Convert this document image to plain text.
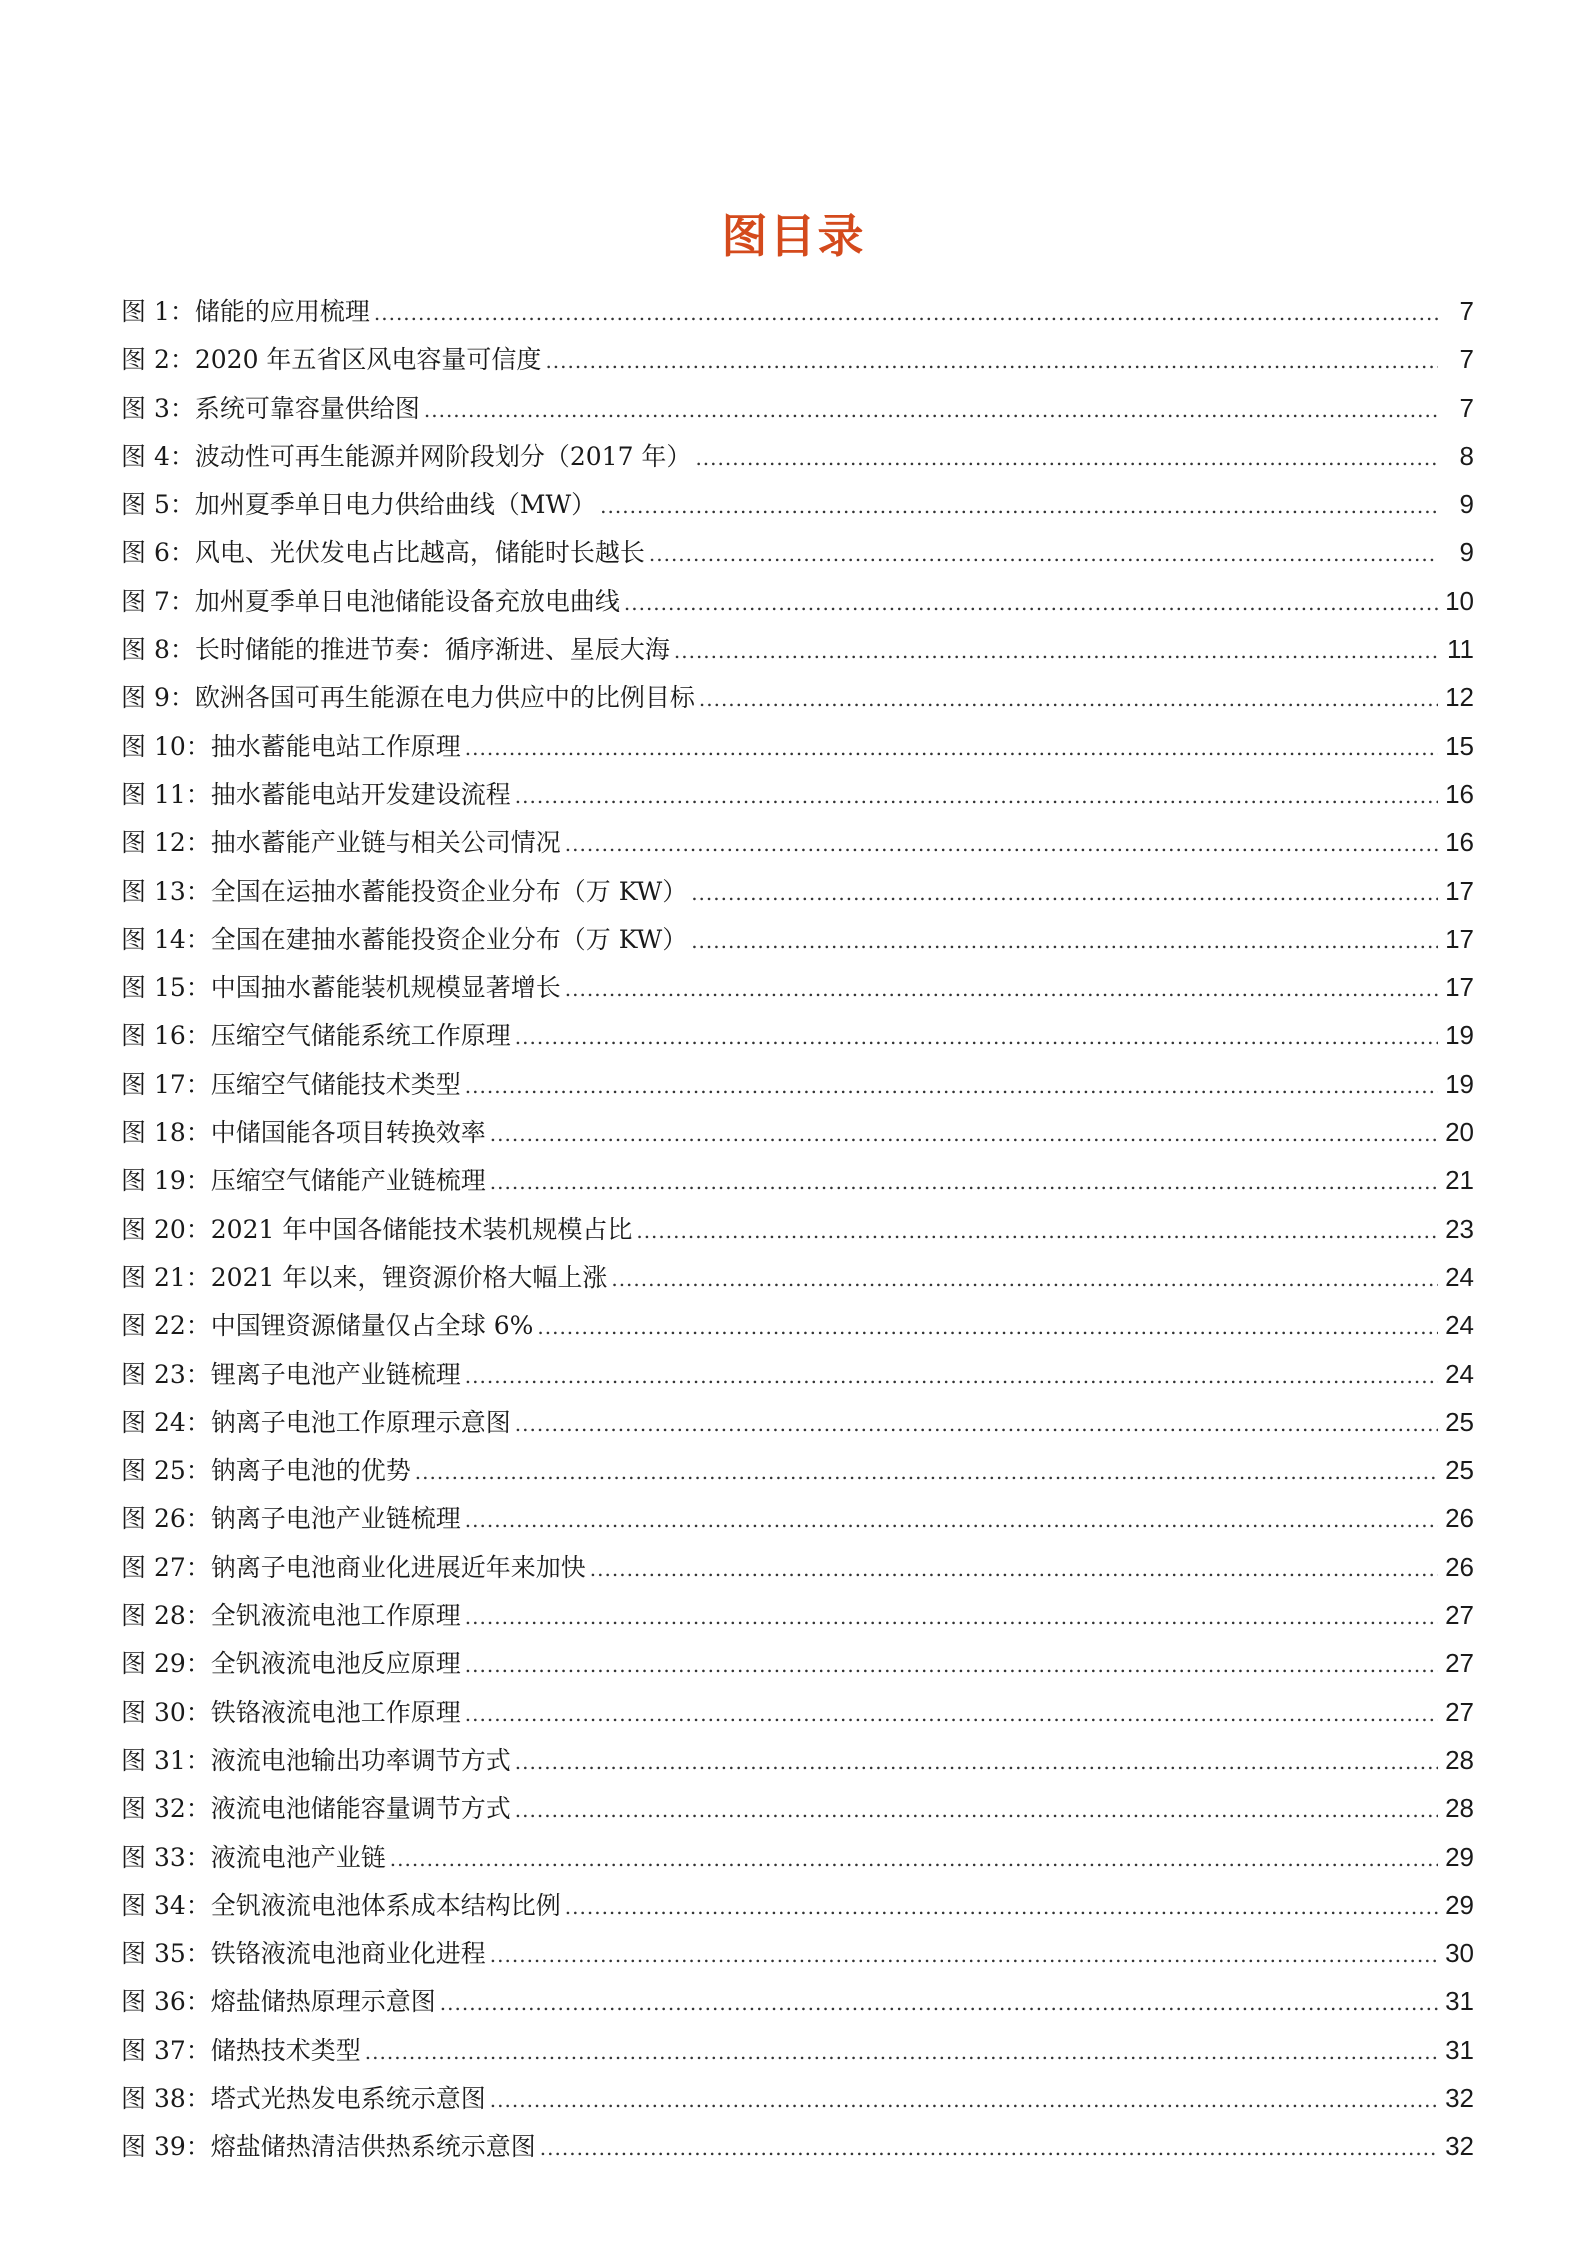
图目录
图 1： 储能的应用梳理 .....	7
图 2： 2020 年五省区风电容量可信度 .....	7
图 3： 系统可靠容量供给图 .....	7
图 4： 波动性可再生能源并网阶段划分（2017 年） .....	8
图 5： 加州夏季单日电力供给曲线（MW） .....	9
图 6： 风电、光伏发电占比越高，储能时长越长 .....	9
图 7： 加州夏季单日电池储能设备充放电曲线 .....	10
图 8： 长时储能的推进节奏：循序渐进、星辰大海 .....	11
图 9： 欧洲各国可再生能源在电力供应中的比例目标 .....	12
图 10： 抽水蓄能电站工作原理 .....	15
图 11： 抽水蓄能电站开发建设流程 .....	16
图 12： 抽水蓄能产业链与相关公司情况 .....	16
图 13： 全国在运抽水蓄能投资企业分布（万 KW） .....	17
图 14： 全国在建抽水蓄能投资企业分布（万 KW） .....	17
图 15： 中国抽水蓄能装机规模显著增长 .....	17
图 16： 压缩空气储能系统工作原理 .....	19
图 17： 压缩空气储能技术类型 .....	19
图 18： 中储国能各项目转换效率 .....	20
图 19： 压缩空气储能产业链梳理 .....	21
图 20： 2021 年中国各储能技术装机规模占比 .....	23
图 21： 2021 年以来，锂资源价格大幅上涨 .....	24
图 22： 中国锂资源储量仅占全球 6% .....	24
图 23： 锂离子电池产业链梳理 .....	24
图 24： 钠离子电池工作原理示意图 .....	25
图 25： 钠离子电池的优势 .....	25
图 26： 钠离子电池产业链梳理 .....	26
图 27： 钠离子电池商业化进展近年来加快 .....	26
图 28： 全钒液流电池工作原理 .....	27
图 29： 全钒液流电池反应原理 .....	27
图 30： 铁铬液流电池工作原理 .....	27
图 31： 液流电池输出功率调节方式 .....	28
图 32： 液流电池储能容量调节方式 .....	28
图 33： 液流电池产业链 .....	29
图 34： 全钒液流电池体系成本结构比例 .....	29
图 35： 铁铬液流电池商业化进程 .....	30
图 36： 熔盐储热原理示意图 .....	31
图 37： 储热技术类型 .....	31
图 38： 塔式光热发电系统示意图 .....	32
图 39： 熔盐储热清洁供热系统示意图 .....	32
